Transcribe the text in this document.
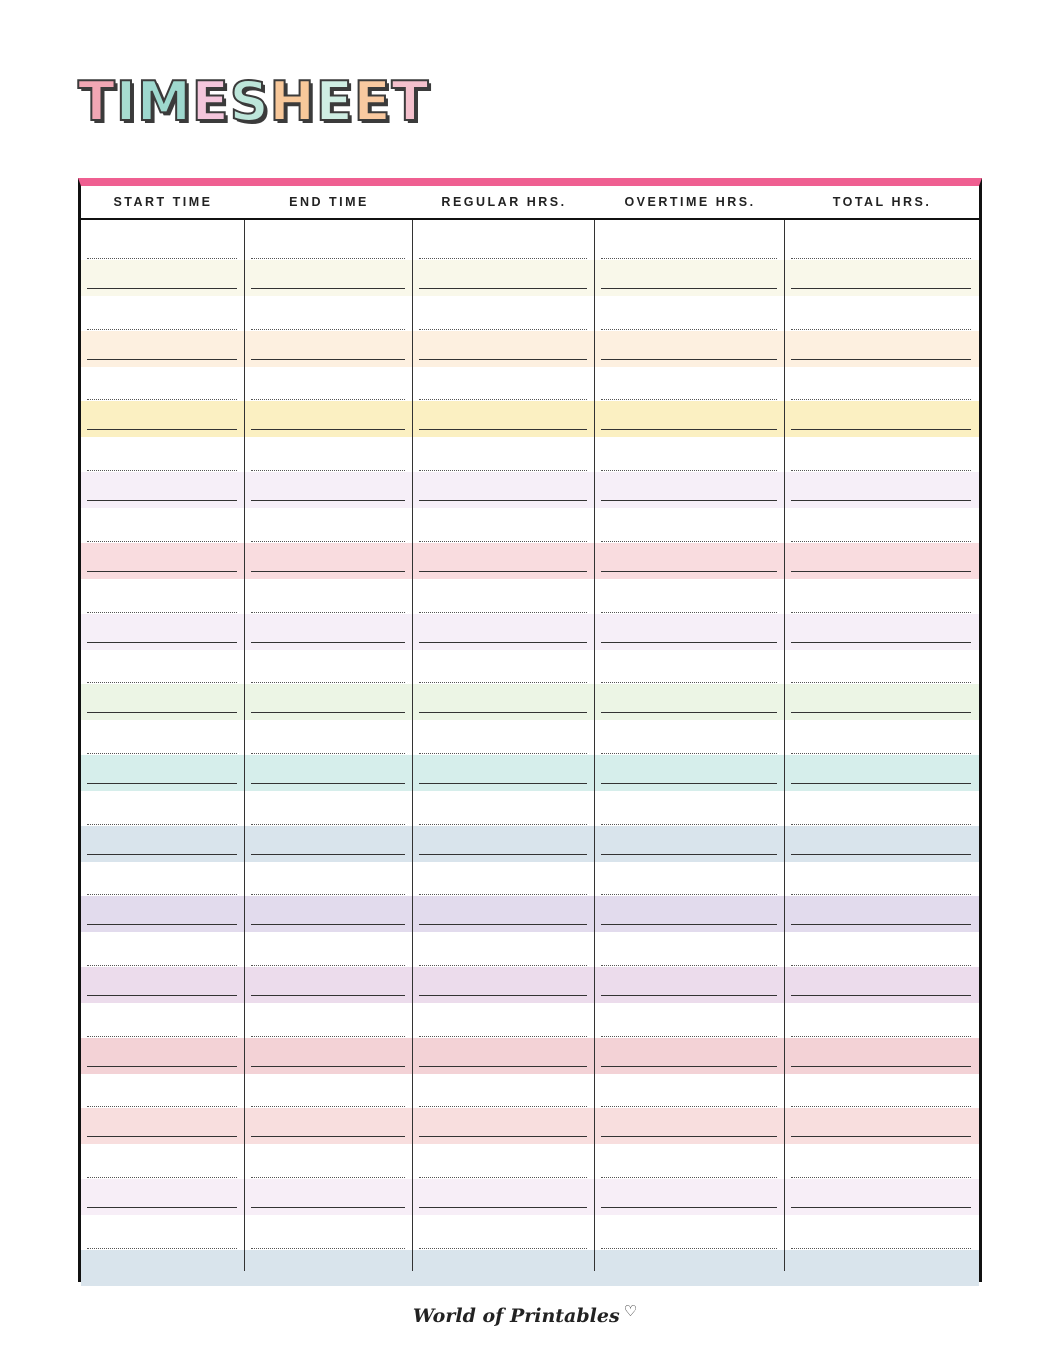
TIMESHEET
START TIME	END TIME	REGULAR HRS.	OVERTIME HRS.	TOTAL HRS.
World of Printables ♡
